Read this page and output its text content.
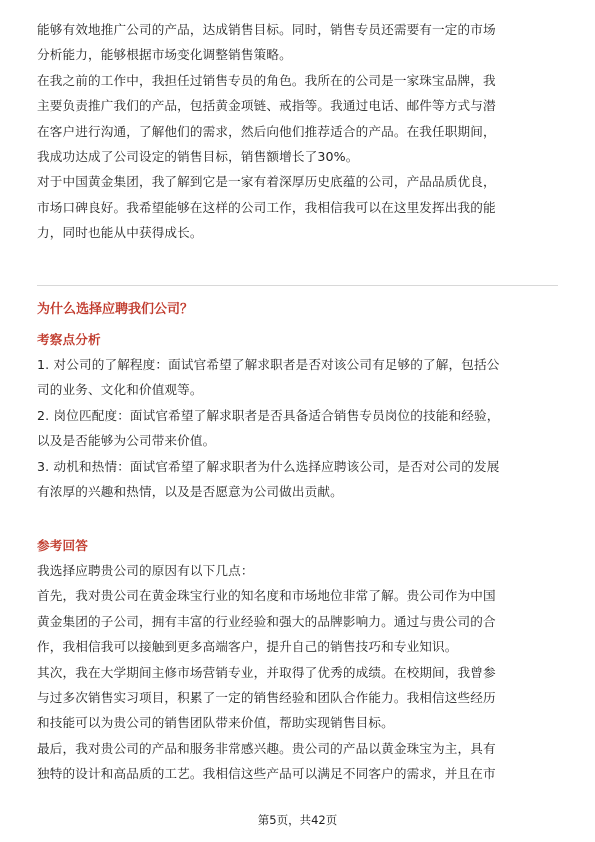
能够有效地推广公司的产品，达成销售目标。同时，销售专员还需要有一定的市场
分析能力，能够根据市场变化调整销售策略。
在我之前的工作中，我担任过销售专员的角色。我所在的公司是一家珠宝品牌，我
主要负责推广我们的产品，包括黄金项链、戒指等。我通过电话、邮件等方式与潜
在客户进行沟通，了解他们的需求，然后向他们推荐适合的产品。在我任职期间，
我成功达成了公司设定的销售目标，销售额增长了30%。
对于中国黄金集团，我了解到它是一家有着深厚历史底蕴的公司，产品品质优良，
市场口碑良好。我希望能够在这样的公司工作，我相信我可以在这里发挥出我的能
力，同时也能从中获得成长。
为什么选择应聘我们公司？
考察点分析
1. 对公司的了解程度：面试官希望了解求职者是否对该公司有足够的了解，包括公
司的业务、文化和价值观等。
2. 岗位匹配度：面试官希望了解求职者是否具备适合销售专员岗位的技能和经验，
以及是否能够为公司带来价值。
3. 动机和热情：面试官希望了解求职者为什么选择应聘该公司，是否对公司的发展
有浓厚的兴趣和热情，以及是否愿意为公司做出贡献。
参考回答
我选择应聘贵公司的原因有以下几点：
首先，我对贵公司在黄金珠宝行业的知名度和市场地位非常了解。贵公司作为中国
黄金集团的子公司，拥有丰富的行业经验和强大的品牌影响力。通过与贵公司的合
作，我相信我可以接触到更多高端客户，提升自己的销售技巧和专业知识。
其次，我在大学期间主修市场营销专业，并取得了优秀的成绩。在校期间，我曾参
与过多次销售实习项目，积累了一定的销售经验和团队合作能力。我相信这些经历
和技能可以为贵公司的销售团队带来价值，帮助实现销售目标。
最后，我对贵公司的产品和服务非常感兴趣。贵公司的产品以黄金珠宝为主，具有
独特的设计和高品质的工艺。我相信这些产品可以满足不同客户的需求，并且在市
第5页，共42页
